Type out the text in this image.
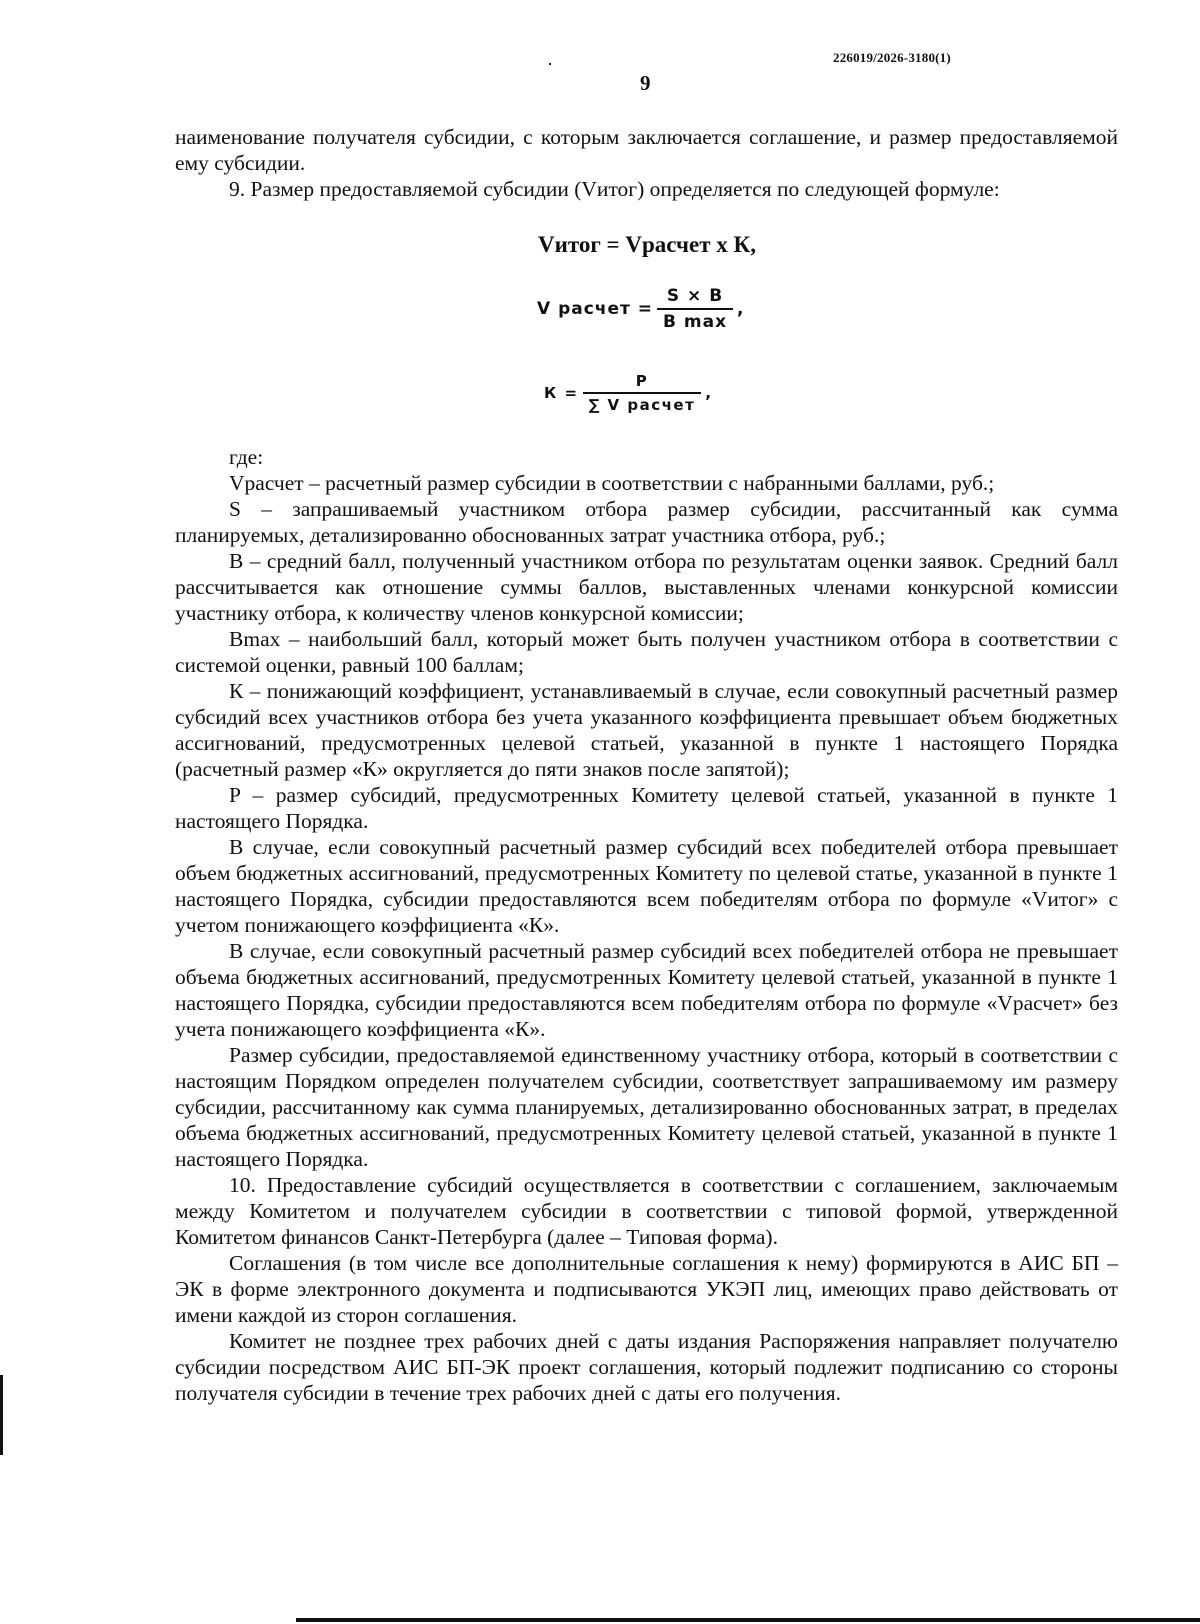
226019/2026-3180(1)
9

наименование получателя субсидии, с которым заключается соглашение, и размер предоставляемой ему субсидии.

9. Размер предоставляемой субсидии (Vитог) определяется по следующей формуле:

Vитог = Vрасчет х К,
V расчет = $\frac{S \times B}{\text{B max}}$ ,
$К = \frac{P}{\text{∑ V расчет}}$ ,

где:

Vрасчет – расчетный размер субсидии в соответствии с набранными баллами, руб.;

S – запрашиваемый участником отбора размер субсидии, рассчитанный как сумма планируемых, детализированно обоснованных затрат участника отбора, руб.;

B – средний балл, полученный участником отбора по результатам оценки заявок. Средний балл рассчитывается как отношение суммы баллов, выставленных членами конкурсной комиссии участнику отбора, к количеству членов конкурсной комиссии;

Bmax – наибольший балл, который может быть получен участником отбора в соответствии с системой оценки, равный 100 баллам;

К – понижающий коэффициент, устанавливаемый в случае, если совокупный расчетный размер субсидий всех участников отбора без учета указанного коэффициента превышает объем бюджетных ассигнований, предусмотренных целевой статьей, указанной в пункте 1 настоящего Порядка (расчетный размер «К» округляется до пяти знаков после запятой);

P – размер субсидий, предусмотренных Комитету целевой статьей, указанной в пункте 1 настоящего Порядка.

В случае, если совокупный расчетный размер субсидий всех победителей отбора превышает объем бюджетных ассигнований, предусмотренных Комитету по целевой статье, указанной в пункте 1 настоящего Порядка, субсидии предоставляются всем победителям отбора по формуле «Vитог» с учетом понижающего коэффициента «К».

В случае, если совокупный расчетный размер субсидий всех победителей отбора не превышает объема бюджетных ассигнований, предусмотренных Комитету целевой статьей, указанной в пункте 1 настоящего Порядка, субсидии предоставляются всем победителям отбора по формуле «Vрасчет» без учета понижающего коэффициента «К».

Размер субсидии, предоставляемой единственному участнику отбора, который в соответствии с настоящим Порядком определен получателем субсидии, соответствует запрашиваемому им размеру субсидии, рассчитанному как сумма планируемых, детализированно обоснованных затрат, в пределах объема бюджетных ассигнований, предусмотренных Комитету целевой статьей, указанной в пункте 1 настоящего Порядка.

10. Предоставление субсидий осуществляется в соответствии с соглашением, заключаемым между Комитетом и получателем субсидии в соответствии с типовой формой, утвержденной Комитетом финансов Санкт-Петербурга (далее – Типовая форма).

Соглашения (в том числе все дополнительные соглашения к нему) формируются в АИС БП – ЭК в форме электронного документа и подписываются УКЭП лиц, имеющих право действовать от имени каждой из сторон соглашения.

Комитет не позднее трех рабочих дней с даты издания Распоряжения направляет получателю субсидии посредством АИС БП-ЭК проект соглашения, который подлежит подписанию со стороны получателя субсидии в течение трех рабочих дней с даты его получения.
